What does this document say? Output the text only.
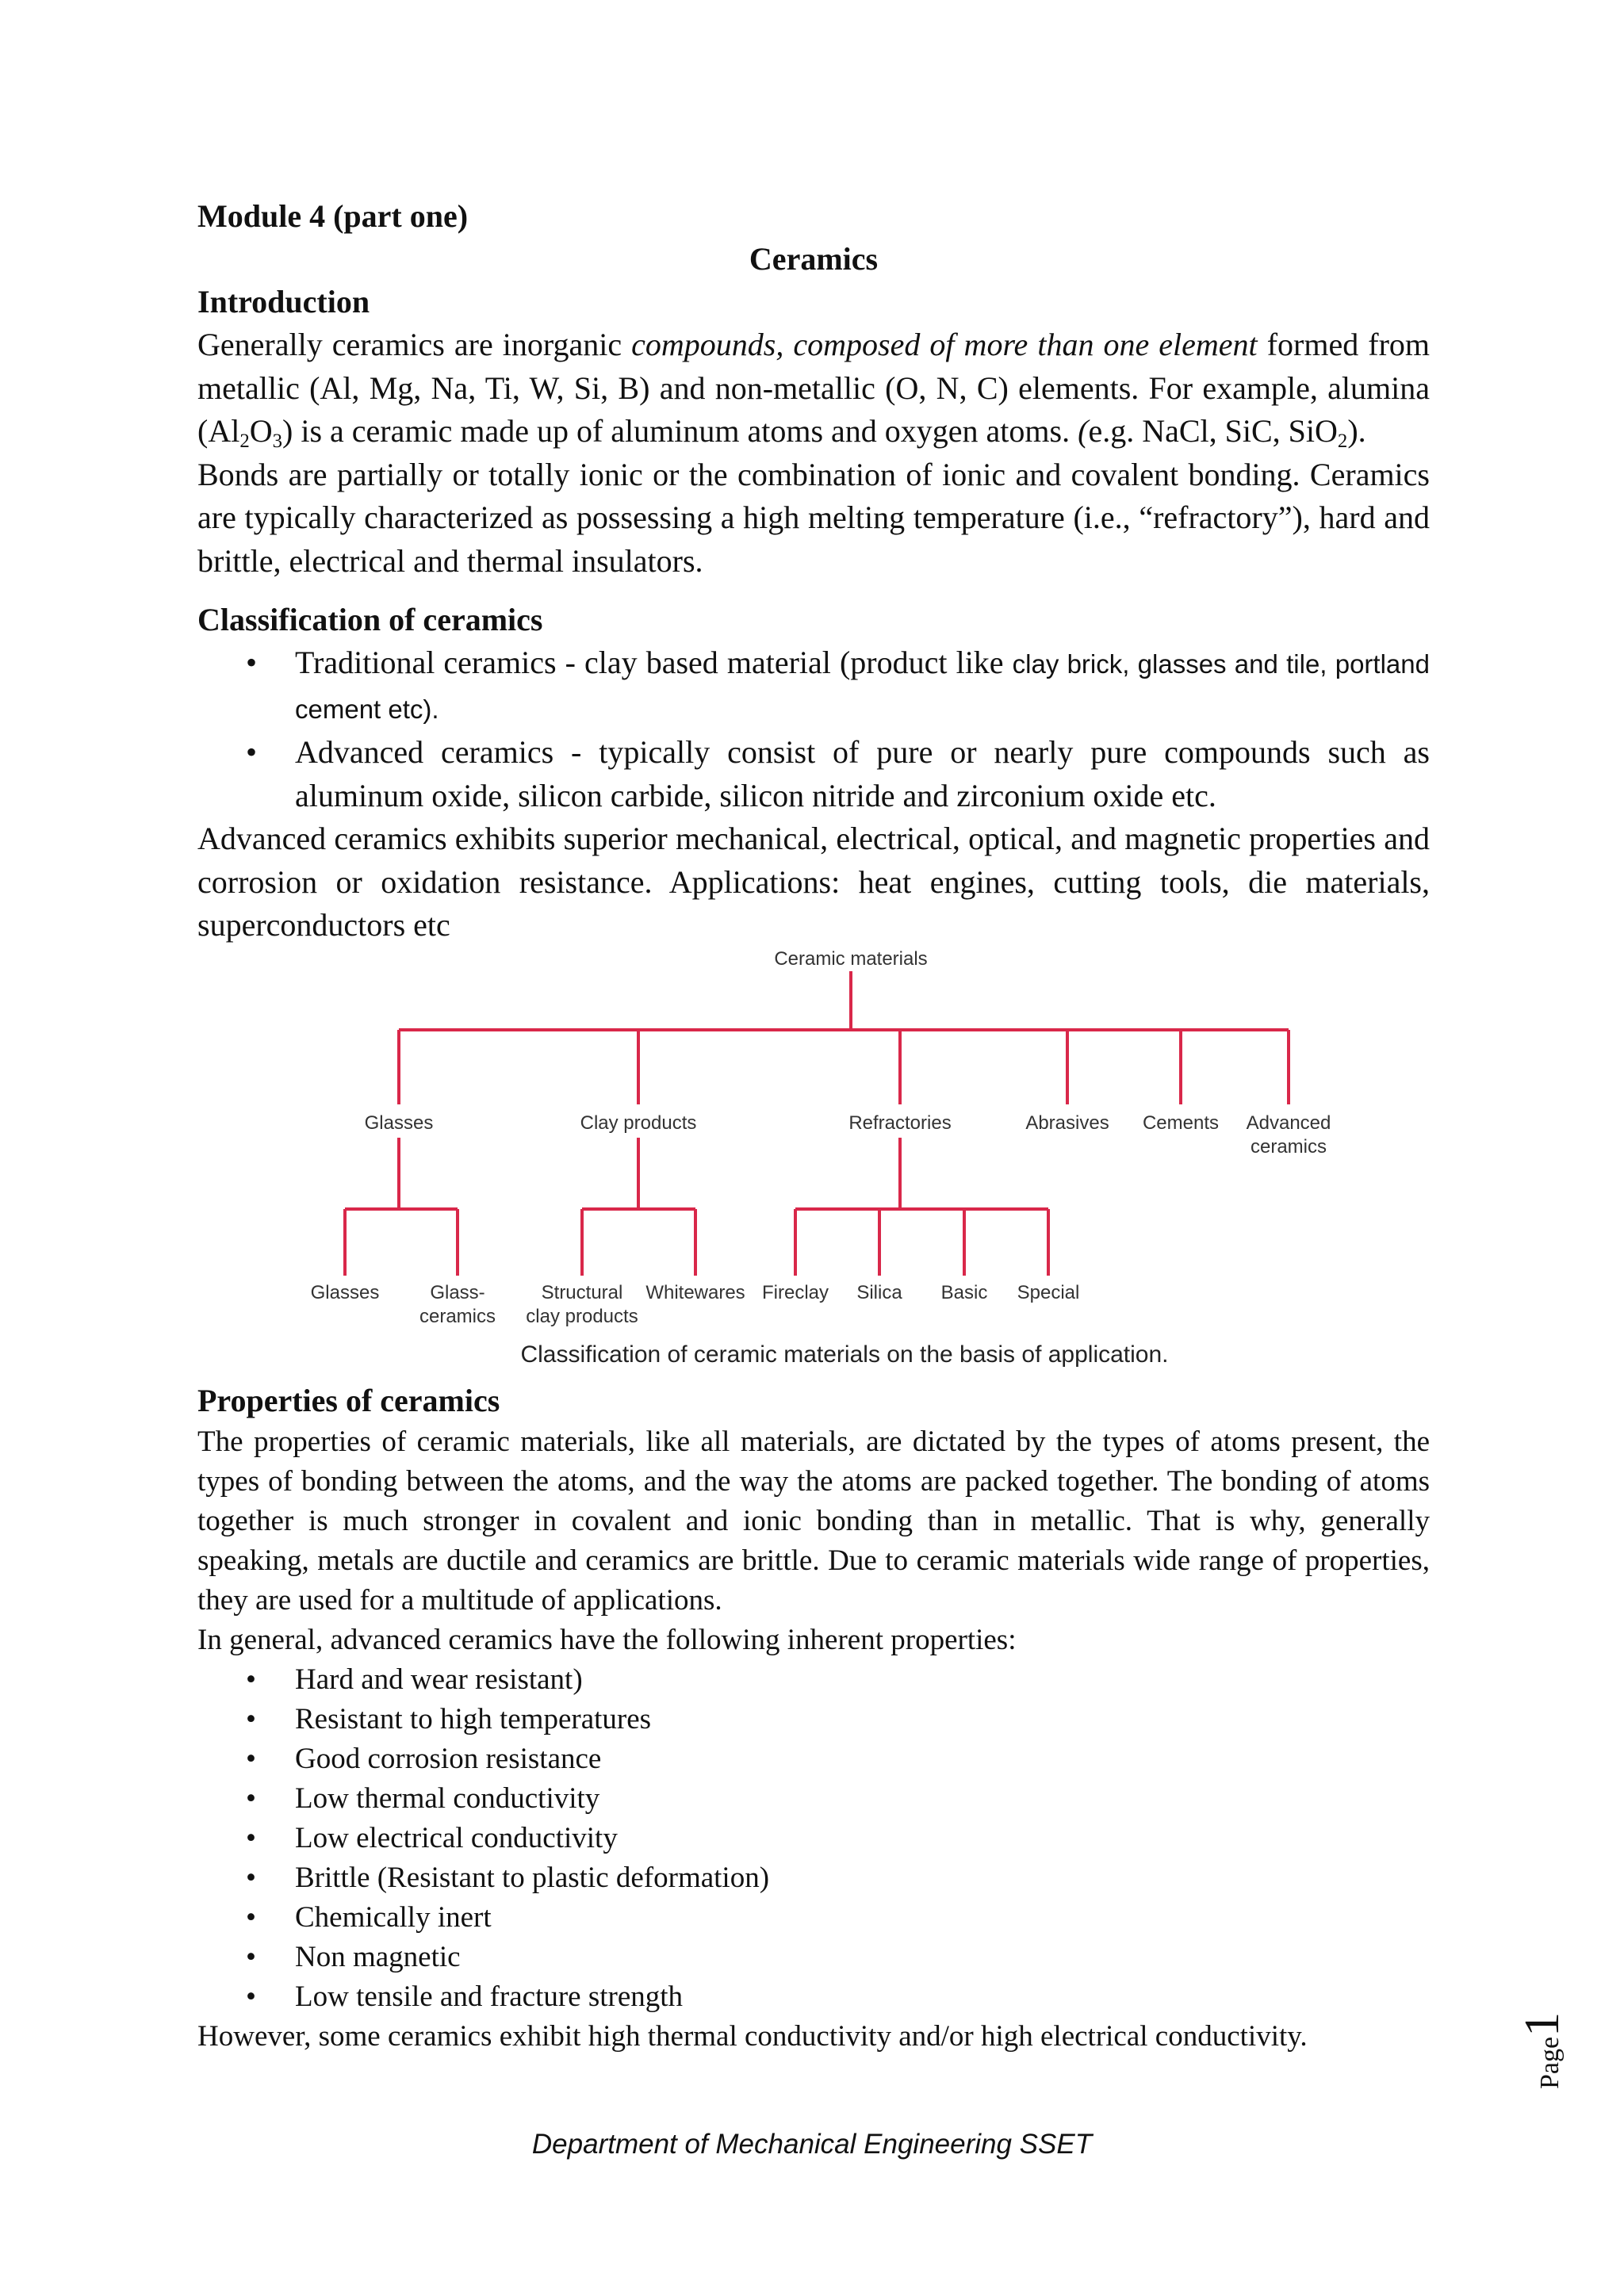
Module 4 (part one)

Ceramics

Introduction

Generally ceramics are inorganic compounds, composed of more than one element formed from metallic (Al, Mg, Na, Ti, W, Si, B) and non-metallic (O, N, C) elements. For example, alumina $(Al_2O_3)$ is a ceramic made up of aluminum atoms and oxygen atoms. (e.g. NaCl, SiC, SiO$_2$).

Bonds are partially or totally ionic or the combination of ionic and covalent bonding. Ceramics are typically characterized as possessing a high melting temperature (i.e., “refractory”), hard and brittle, electrical and thermal insulators.

Classification of ceramics

• Traditional ceramics - clay based material (product like clay brick, glasses and tile, portland cement etc).
• Advanced ceramics - typically consist of pure or nearly pure compounds such as aluminum oxide, silicon carbide, silicon nitride and zirconium oxide etc.

Advanced ceramics exhibits superior mechanical, electrical, optical, and magnetic properties and corrosion or oxidation resistance. Applications: heat engines, cutting tools, die materials, superconductors etc

Ceramic materials
Glasses	Clay products	Refractories	Abrasives Cements Advanced
ceramics
Glasses	Glass-
ceramics
Structural
clay products
Whitewares Fireclay Silica Basic Special
Classification of ceramic materials on the basis of application.

Properties of ceramics

The properties of ceramic materials, like all materials, are dictated by the types of atoms present, the types of bonding between the atoms, and the way the atoms are packed together. The bonding of atoms together is much stronger in covalent and ionic bonding than in metallic. That is why, generally speaking, metals are ductile and ceramics are brittle. Due to ceramic materials wide range of properties, they are used for a multitude of applications.

In general, advanced ceramics have the following inherent properties:

• Hard and wear resistant)
• Resistant to high temperatures
• Good corrosion resistance
• Low thermal conductivity
• Low electrical conductivity
• Brittle (Resistant to plastic deformation)
• Chemically inert
• Non magnetic
• Low tensile and fracture strength

However, some ceramics exhibit high thermal conductivity and/or high electrical conductivity.

Department of Mechanical Engineering SSET
Page1
